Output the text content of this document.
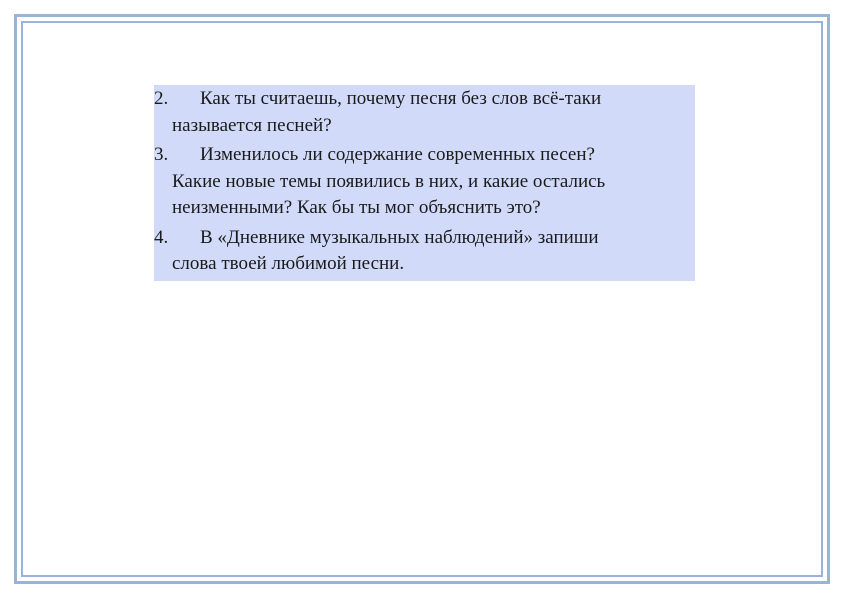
2. Как ты считаешь, почему песня без слов всё-таки
называется песней?
3. Изменилось ли содержание современных песен?
Какие новые темы появились в них, и какие остались
неизменными? Как бы ты мог объяснить это?
4. В «Дневнике музыкальных наблюдений» запиши
слова твоей любимой песни.
